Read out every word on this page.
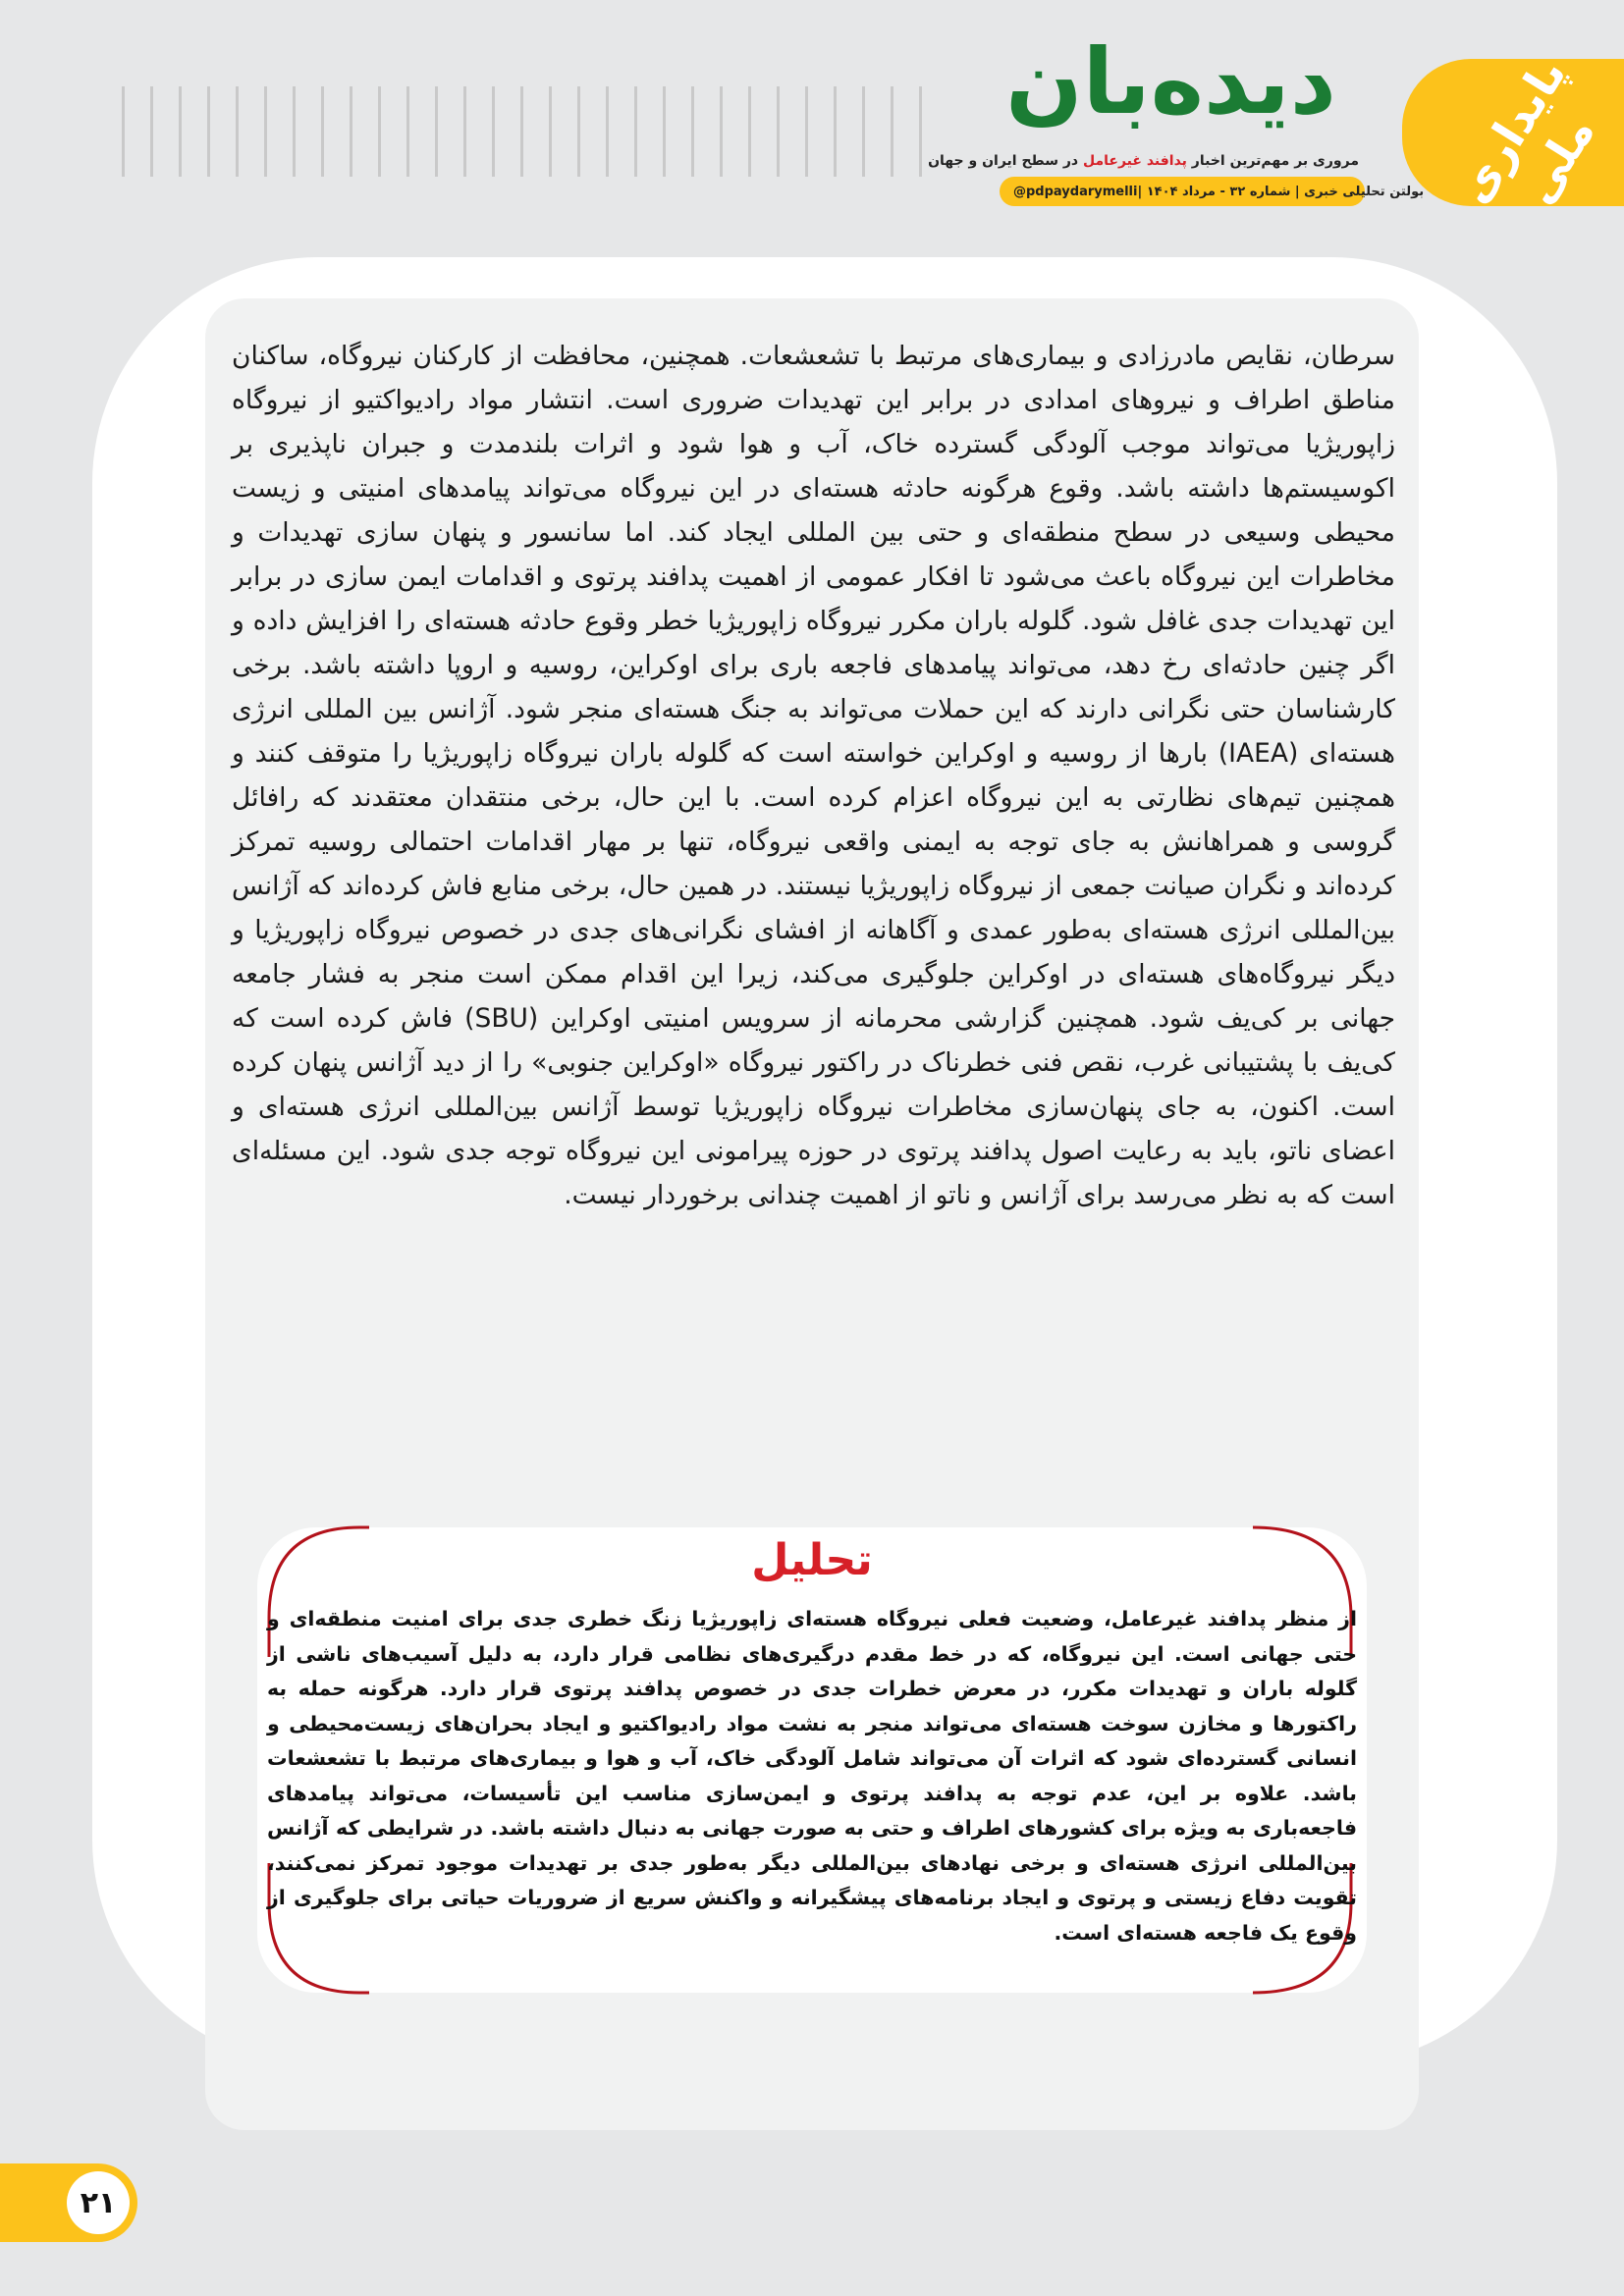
دیده‌بان
مروری بر مهم‌ترین اخبار پدافند غیرعامل در سطح ایران و جهان
@pdpaydarymelli بولتن تحلیلی خبری | شماره ۳۲ - مرداد ۱۴۰۴ | پایداری ملی

سرطان، نقایص مادرزادی و بیماری‌های مرتبط با تشعشعات. همچنین، محافظت از کارکنان نیروگاه، ساکنان مناطق اطراف و نیروهای امدادی در برابر این تهدیدات ضروری است. انتشار مواد رادیواکتیو از نیروگاه زاپوریژیا می‌تواند موجب آلودگی گسترده خاک، آب و هوا شود و اثرات بلندمدت و جبران ناپذیری بر اکوسیستم‌ها داشته باشد. وقوع هرگونه حادثه هسته‌ای در این نیروگاه می‌تواند پیامدهای امنیتی و زیست محیطی وسیعی در سطح منطقه‌ای و حتی بین المللی ایجاد کند. اما سانسور و پنهان سازی تهدیدات و مخاطرات این نیروگاه باعث می‌شود تا افکار عمومی از اهمیت پدافند پرتوی و اقدامات ایمن سازی در برابر این تهدیدات جدی غافل شود. گلوله باران مکرر نیروگاه زاپوریژیا خطر وقوع حادثه هسته‌ای را افزایش داده و اگر چنین حادثه‌ای رخ دهد، می‌تواند پیامدهای فاجعه باری برای اوکراین، روسیه و اروپا داشته باشد. برخی کارشناسان حتی نگرانی دارند که این حملات می‌تواند به جنگ هسته‌ای منجر شود. آژانس بین المللی انرژی هسته‌ای (IAEA) بارها از روسیه و اوکراین خواسته است که گلوله باران نیروگاه زاپوریژیا را متوقف کنند و همچنین تیم‌های نظارتی به این نیروگاه اعزام کرده است. با این حال، برخی منتقدان معتقدند که رافائل گروسی و همراهانش به جای توجه به ایمنی واقعی نیروگاه، تنها بر مهار اقدامات احتمالی روسیه تمرکز کرده‌اند و نگران صیانت جمعی از نیروگاه زاپوریژیا نیستند. در همین حال، برخی منابع فاش کرده‌اند که آژانس بین‌المللی انرژی هسته‌ای به‌طور عمدی و آگاهانه از افشای نگرانی‌های جدی در خصوص نیروگاه زاپوریژیا و دیگر نیروگاه‌های هسته‌ای در اوکراین جلوگیری می‌کند، زیرا این اقدام ممکن است منجر به فشار جامعه جهانی بر کی‌یف شود. همچنین گزارشی محرمانه از سرویس امنیتی اوکراین (SBU) فاش کرده است که کی‌یف با پشتیبانی غرب، نقص فنی خطرناک در راکتور نیروگاه «اوکراین جنوبی» را از دید آژانس پنهان کرده است. اکنون، به جای پنهان‌سازی مخاطرات نیروگاه زاپوریژیا توسط آژانس بین‌المللی انرژی هسته‌ای و اعضای ناتو، باید به رعایت اصول پدافند پرتوی در حوزه پیرامونی این نیروگاه توجه جدی شود. این مسئله‌ای است که به نظر می‌رسد برای آژانس و ناتو از اهمیت چندانی برخوردار نیست.

تحلیل

از منظر پدافند غیرعامل، وضعیت فعلی نیروگاه هسته‌ای زاپوریژیا زنگ خطری جدی برای امنیت منطقه‌ای و حتی جهانی است. این نیروگاه، که در خط مقدم درگیری‌های نظامی قرار دارد، به دلیل آسیب‌های ناشی از گلوله باران و تهدیدات مکرر، در معرض خطرات جدی در خصوص پدافند پرتوی قرار دارد. هرگونه حمله به راکتورها و مخازن سوخت هسته‌ای می‌تواند منجر به نشت مواد رادیواکتیو و ایجاد بحران‌های زیست‌محیطی و انسانی گسترده‌ای شود که اثرات آن می‌تواند شامل آلودگی خاک، آب و هوا و بیماری‌های مرتبط با تشعشعات باشد. علاوه بر این، عدم توجه به پدافند پرتوی و ایمن‌سازی مناسب این تأسیسات، می‌تواند پیامدهای فاجعه‌باری به ویژه برای کشورهای اطراف و حتی به صورت جهانی به دنبال داشته باشد. در شرایطی که آژانس بین‌المللی انرژی هسته‌ای و برخی نهادهای بین‌المللی دیگر به‌طور جدی بر تهدیدات موجود تمرکز نمی‌کنند، تقویت دفاع زیستی و پرتوی و ایجاد برنامه‌های پیشگیرانه و واکنش سریع از ضروریات حیاتی برای جلوگیری از وقوع یک فاجعه هسته‌ای است.

۲۱
